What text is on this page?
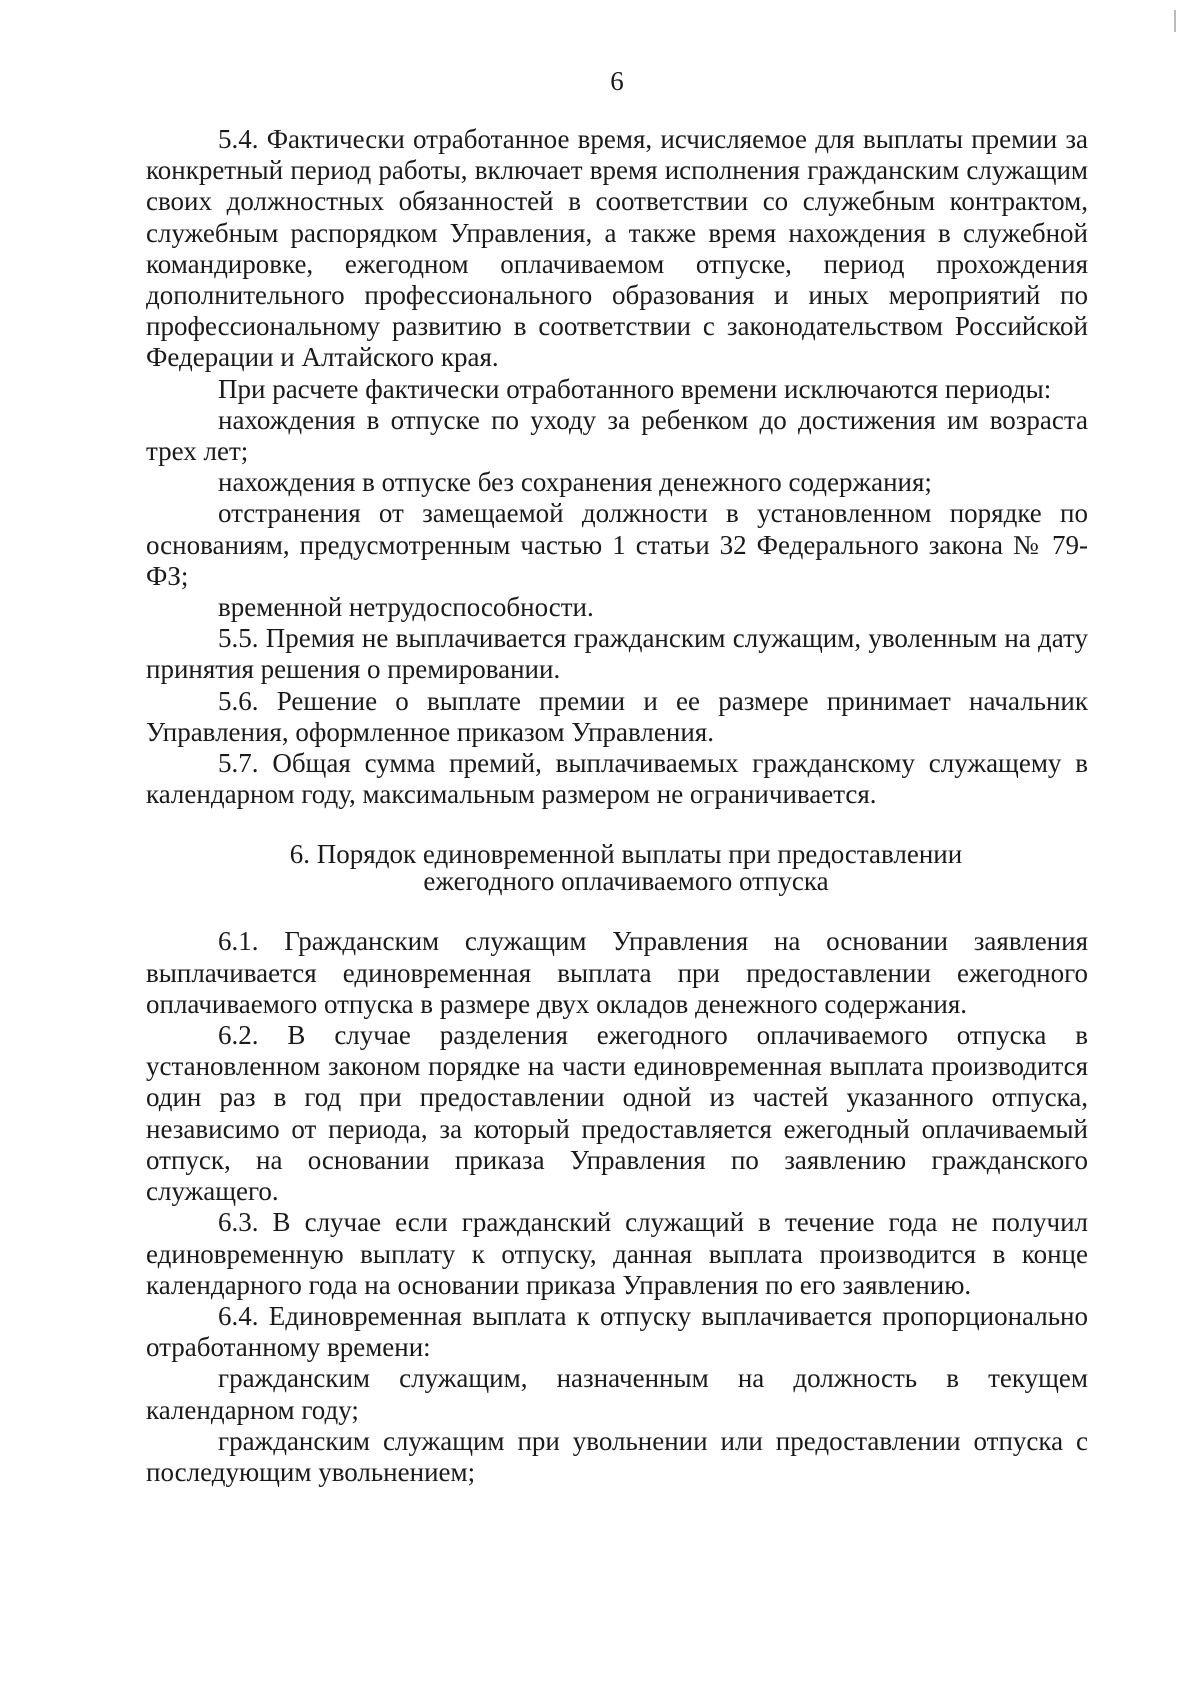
6

5.4. Фактически отработанное время, исчисляемое для выплаты премии за конкретный период работы, включает время исполнения гражданским служащим своих должностных обязанностей в соответствии со служебным контрактом, служебным распорядком Управления, а также время нахождения в служебной командировке, ежегодном оплачиваемом отпуске, период прохождения дополнительного профессионального образования и иных мероприятий по профессиональному развитию в соответствии с законодательством Российской Федерации и Алтайского края.

При расчете фактически отработанного времени исключаются периоды:

нахождения в отпуске по уходу за ребенком до достижения им возраста трех лет;

нахождения в отпуске без сохранения денежного содержания;

отстранения от замещаемой должности в установленном порядке по основаниям, предусмотренным частью 1 статьи 32 Федерального закона № 79-ФЗ;

временной нетрудоспособности.

5.5. Премия не выплачивается гражданским служащим, уволенным на дату принятия решения о премировании.

5.6. Решение о выплате премии и ее размере принимает начальник Управления, оформленное приказом Управления.

5.7. Общая сумма премий, выплачиваемых гражданскому служащему в календарном году, максимальным размером не ограничивается.

6. Порядок единовременной выплаты при предоставлении
ежегодного оплачиваемого отпуска

6.1. Гражданским служащим Управления на основании заявления выплачивается единовременная выплата при предоставлении ежегодного оплачиваемого отпуска в размере двух окладов денежного содержания.

6.2. В случае разделения ежегодного оплачиваемого отпуска в установленном законом порядке на части единовременная выплата производится один раз в год при предоставлении одной из частей указанного отпуска, независимо от периода, за который предоставляется ежегодный оплачиваемый отпуск, на основании приказа Управления по заявлению гражданского служащего.

6.3. В случае если гражданский служащий в течение года не получил единовременную выплату к отпуску, данная выплата производится в конце календарного года на основании приказа Управления по его заявлению.

6.4. Единовременная выплата к отпуску выплачивается пропорционально отработанному времени:

гражданским служащим, назначенным на должность в текущем календарном году;

гражданским служащим при увольнении или предоставлении отпуска с последующим увольнением;
